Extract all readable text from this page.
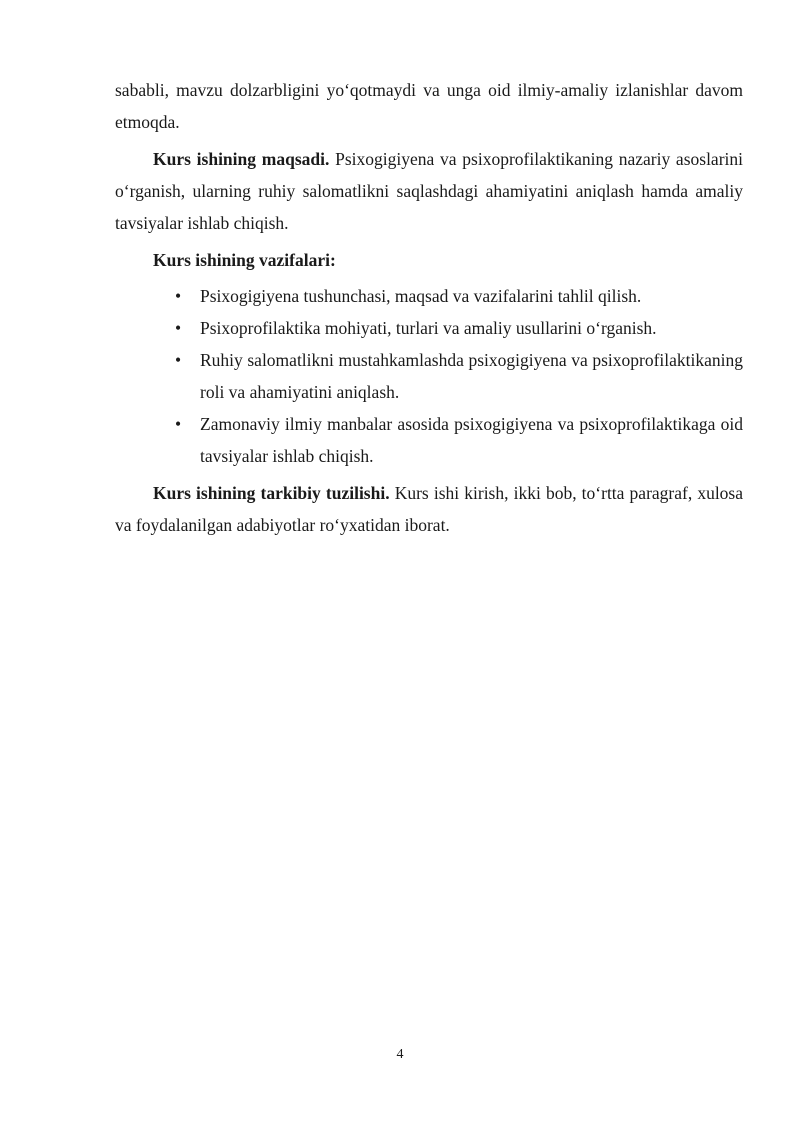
sababli, mavzu dolzarbligini yo‘qotmaydi va unga oid ilmiy-amaliy izlanishlar davom etmoqda.

Kurs ishining maqsadi. Psixogigiyena va psixoprofilaktikaning nazariy asoslarini o‘rganish, ularning ruhiy salomatlikni saqlashdagi ahamiyatini aniqlash hamda amaliy tavsiyalar ishlab chiqish.

Kurs ishining vazifalari:

• Psixogigiyena tushunchasi, maqsad va vazifalarini tahlil qilish.
• Psixoprofilaktika mohiyati, turlari va amaliy usullarini o‘rganish.
• Ruhiy salomatlikni mustahkamlashda psixogigiyena va psixoprofilaktikaning roli va ahamiyatini aniqlash.
• Zamonaviy ilmiy manbalar asosida psixogigiyena va psixoprofilaktikaga oid tavsiyalar ishlab chiqish.

Kurs ishining tarkibiy tuzilishi. Kurs ishi kirish, ikki bob, to‘rtta paragraf, xulosa va foydalanilgan adabiyotlar ro‘yxatidan iborat.

4
